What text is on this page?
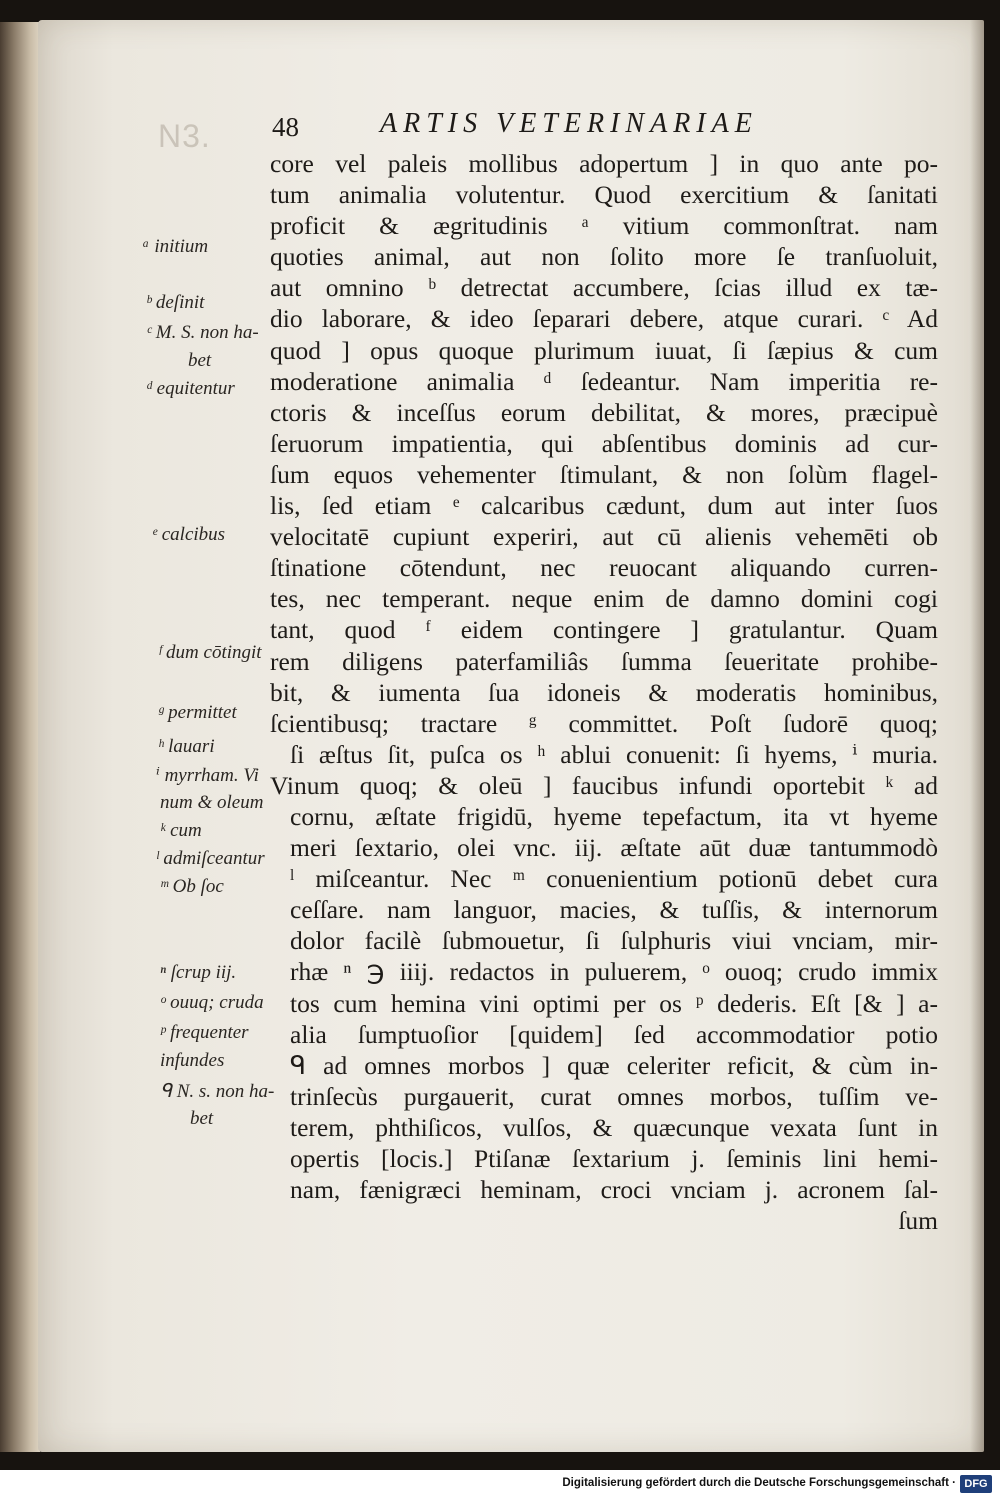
N3. 48	ARTIS VETERINARIAE
core vel paleis mollibus adopertum ] in quo ante po-
tum animalia volutentur. Quod exercitium & ſanitati
proficit & ægritudinis ᵃ vitium commonſtrat. nam
quoties animal, aut non ſolito more ſe tranſuoluit,
aut omnino ᵇ detrectat accumbere, ſcias illud ex tæ-
dio laborare, & ideo ſeparari debere, atque curari. ᶜ Ad
quod ] opus quoque plurimum iuuat, ſi ſæpius & cum
moderatione animalia ᵈ ſedeantur. Nam imperitia re-
ctoris & inceſſus eorum debilitat, & mores, præcipuè
ſeruorum impatientia, qui abſentibus dominis ad cur-
ſum equos vehementer ſtimulant, & non ſolùm flagel-
lis, ſed etiam ᵉ calcaribus cædunt, dum aut inter ſuos
velocitatē cupiunt experiri, aut cū alienis vehemēti ob
ſtinatione cōtendunt, nec reuocant aliquando curren-
tes, nec temperant. neque enim de damno domini cogi
tant, quod ᶠ eidem contingere ] gratulantur. Quam
rem diligens paterfamiliâs ſumma ſeueritate prohibe-
bit, & iumenta ſua idoneis & moderatis hominibus,
ſcientibusq; tractare ᵍ committet. Poſt ſudorē quoq;
ſi æſtus ſit, puſca os ʰ ablui conuenit: ſi hyems, ⁱ muria.
Vinum quoq; & oleū ] faucibus infundi oportebit ᵏ ad
cornu, æſtate frigidū, hyeme tepefactum, ita vt hyeme
meri ſextario, olei vnc. iij. æſtate aūt duæ tantummodò
ˡ miſceantur. Nec ᵐ conuenientium potionū debet cura
ceſſare. nam languor, macies, & tuſſis, & internorum
dolor facilè ſubmouetur, ſi ſulphuris viui vnciam, mir-
rhæ ⁿ ℈ iiij. redactos in puluerem, ᵒ ouoq; crudo immix
tos cum hemina vini optimi per os ᵖ dederis. Eſt [& ] a-
alia ſumptuoſior [quidem] ſed accommodatior potio
ᑫ ad omnes morbos ] quæ celeriter reficit, & cùm in-
trinſecùs purgauerit, curat omnes morbos, tuſſim ve-
terem, phthiſicos, vulſos, & quæcunque vexata ſunt in
opertis [locis.] Ptiſanæ ſextarium j. ſeminis lini hemi-
nam, fænigræci heminam, croci vnciam j. acronem ſal-
ſum
ᵃ initium
ᵇ deſinit
ᶜ M. S. non ha-
bet
ᵈ equitentur
ᵉ calcibus
ᶠ dum cōtingit
ᵍ permittet
ʰ lauari
ⁱ myrrham. Vi
num & oleum
ᵏ cum
ˡ admiſceantur
ᵐ Ob ſoc
ⁿ ſcrup iij.
ᵒ ouuq; cruda
ᵖ frequenter
infundes
ᑫ N. s. non ha-
bet
Digitalisierung gefördert durch die Deutsche Forschungsgemeinschaft · DFG
